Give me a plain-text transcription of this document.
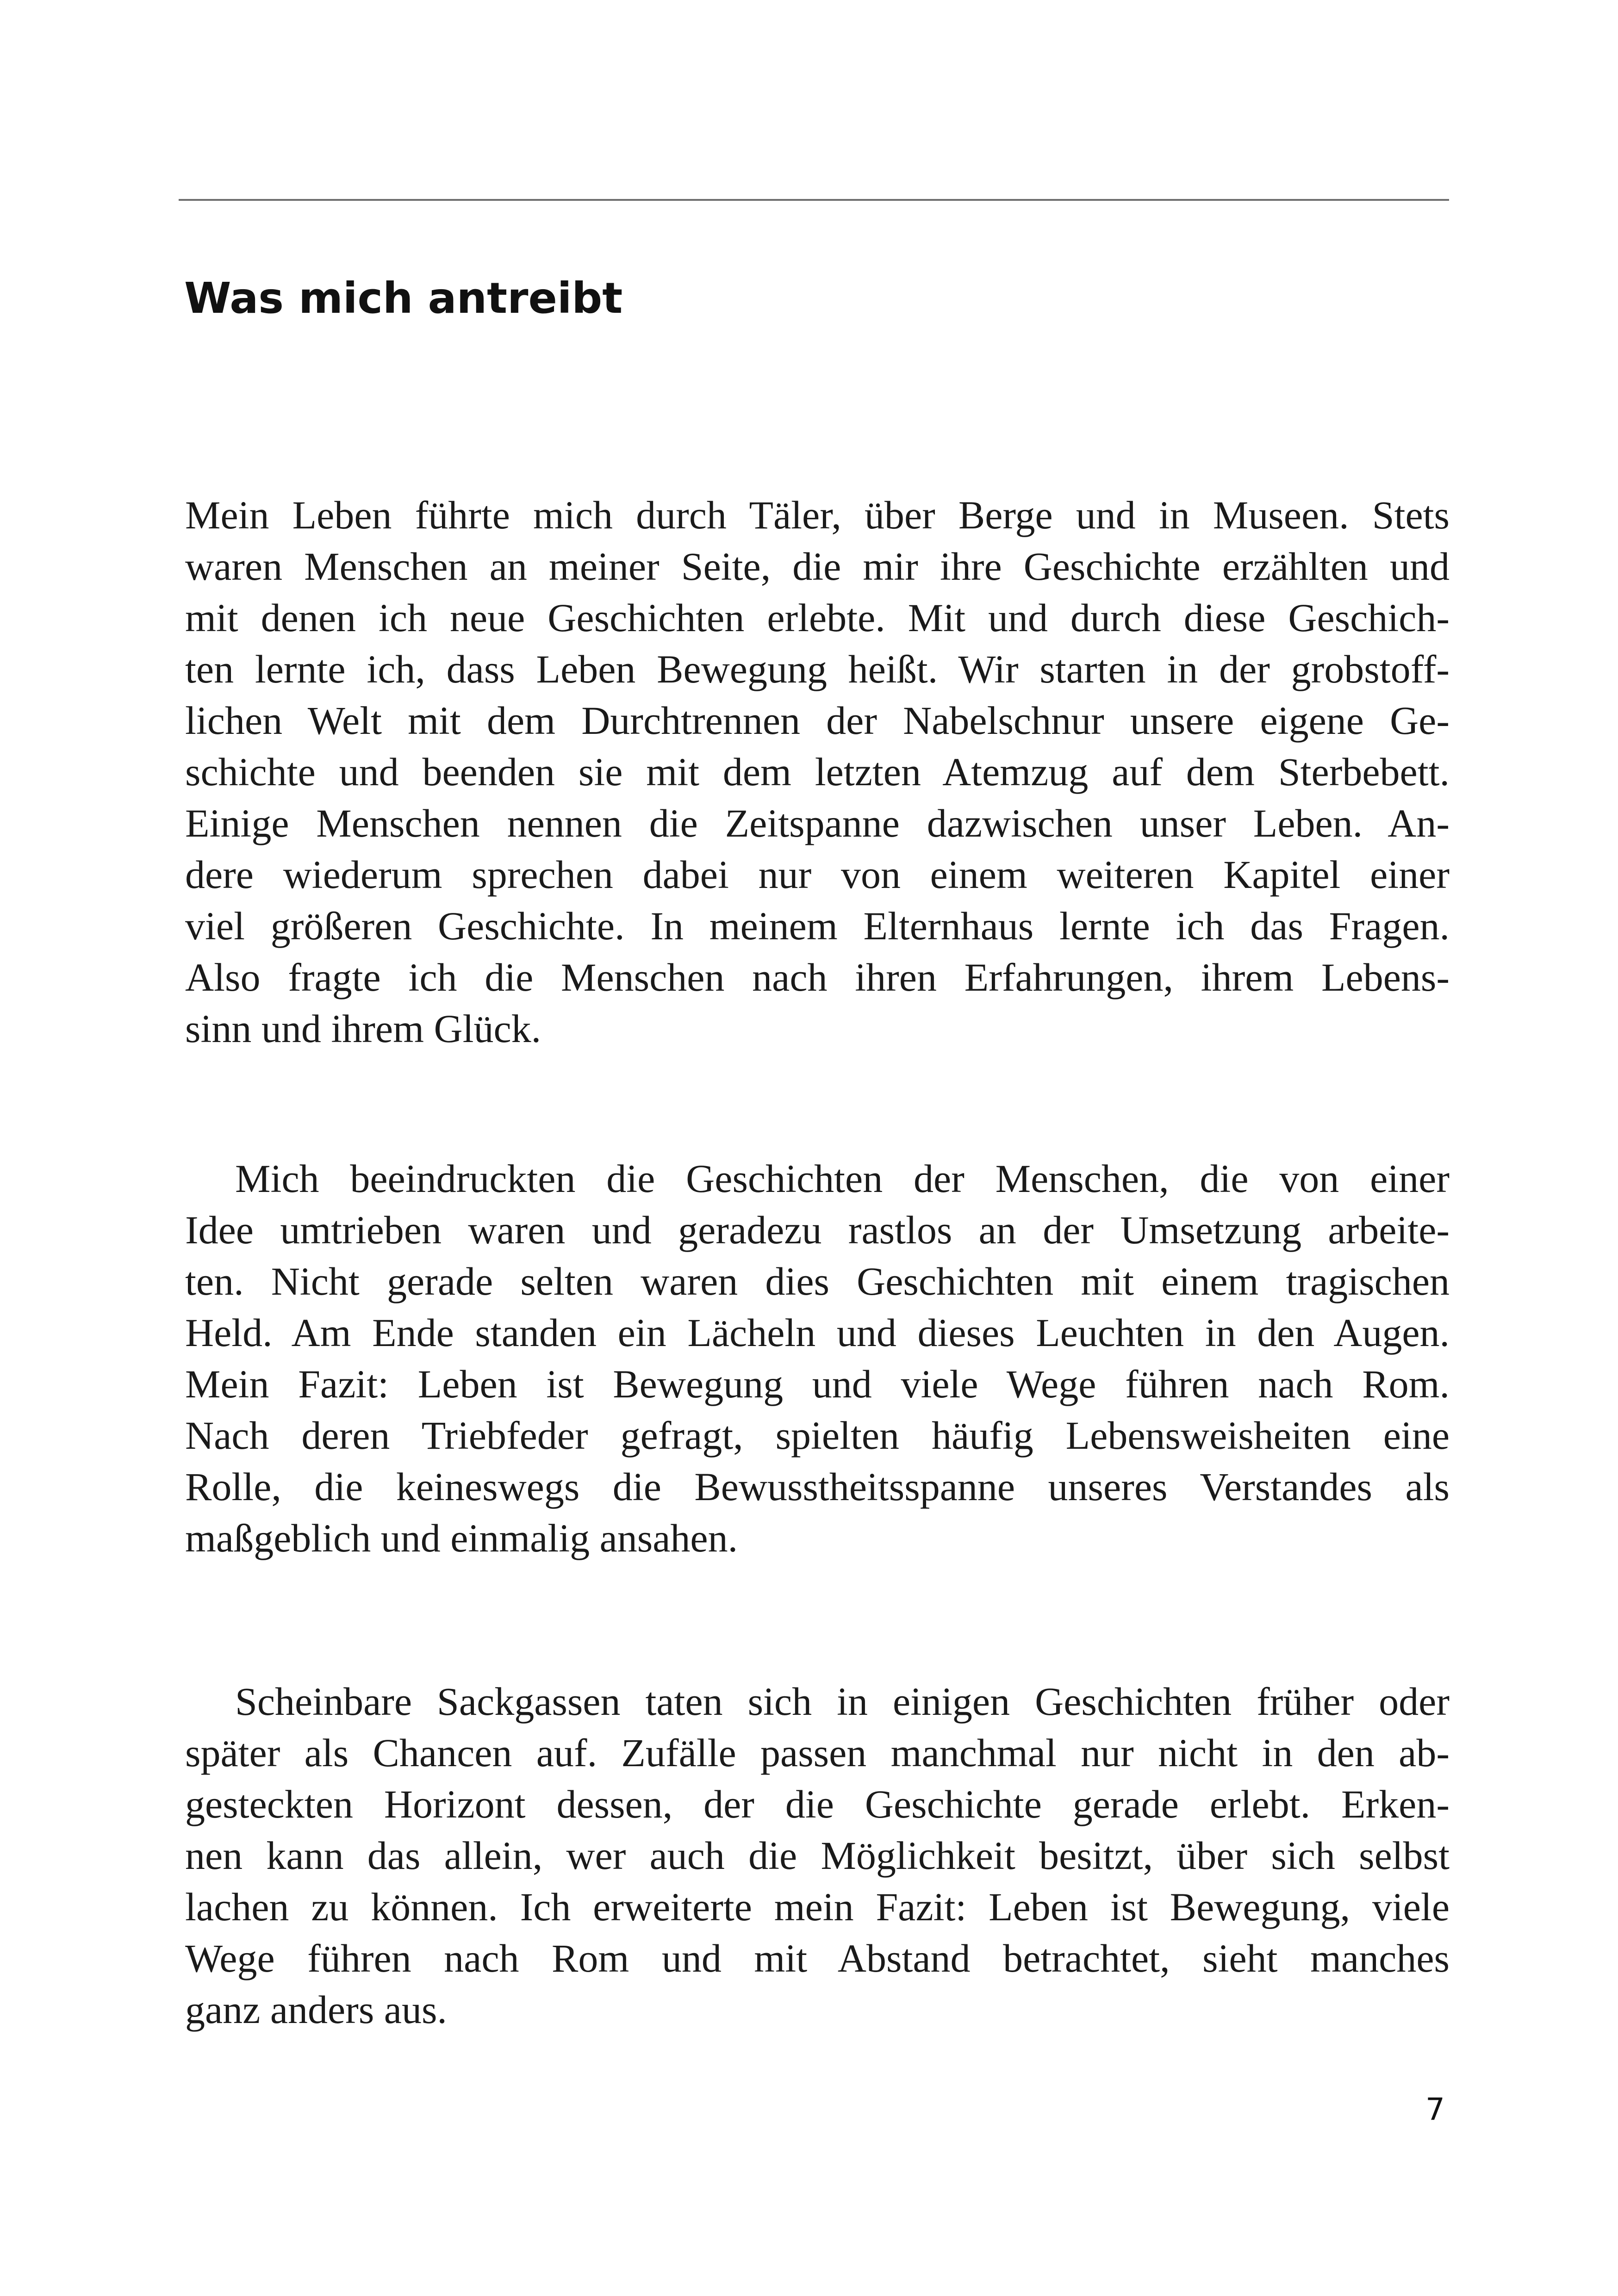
Was mich antreibt
Mein Leben führte mich durch Täler, über Berge und in Museen. Stets
waren Menschen an meiner Seite, die mir ihre Geschichte erzählten und
mit denen ich neue Geschichten erlebte. Mit und durch diese Geschich-
ten lernte ich, dass Leben Bewegung heißt. Wir starten in der grobstoff-
lichen Welt mit dem Durchtrennen der Nabelschnur unsere eigene Ge-
schichte und beenden sie mit dem letzten Atemzug auf dem Sterbebett.
Einige Menschen nennen die Zeitspanne dazwischen unser Leben. An-
dere wiederum sprechen dabei nur von einem weiteren Kapitel einer
viel größeren Geschichte. In meinem Elternhaus lernte ich das Fragen.
Also fragte ich die Menschen nach ihren Erfahrungen, ihrem Lebens-
sinn und ihrem Glück.
Mich beeindruckten die Geschichten der Menschen, die von einer
Idee umtrieben waren und geradezu rastlos an der Umsetzung arbeite-
ten. Nicht gerade selten waren dies Geschichten mit einem tragischen
Held. Am Ende standen ein Lächeln und dieses Leuchten in den Augen.
Mein Fazit: Leben ist Bewegung und viele Wege führen nach Rom.
Nach deren Triebfeder gefragt, spielten häufig Lebensweisheiten eine
Rolle, die keineswegs die Bewusstheitsspanne unseres Verstandes als
maßgeblich und einmalig ansahen.
Scheinbare Sackgassen taten sich in einigen Geschichten früher oder
später als Chancen auf. Zufälle passen manchmal nur nicht in den ab-
gesteckten Horizont dessen, der die Geschichte gerade erlebt. Erken-
nen kann das allein, wer auch die Möglichkeit besitzt, über sich selbst
lachen zu können. Ich erweiterte mein Fazit: Leben ist Bewegung, viele
Wege führen nach Rom und mit Abstand betrachtet, sieht manches
ganz anders aus.
7
